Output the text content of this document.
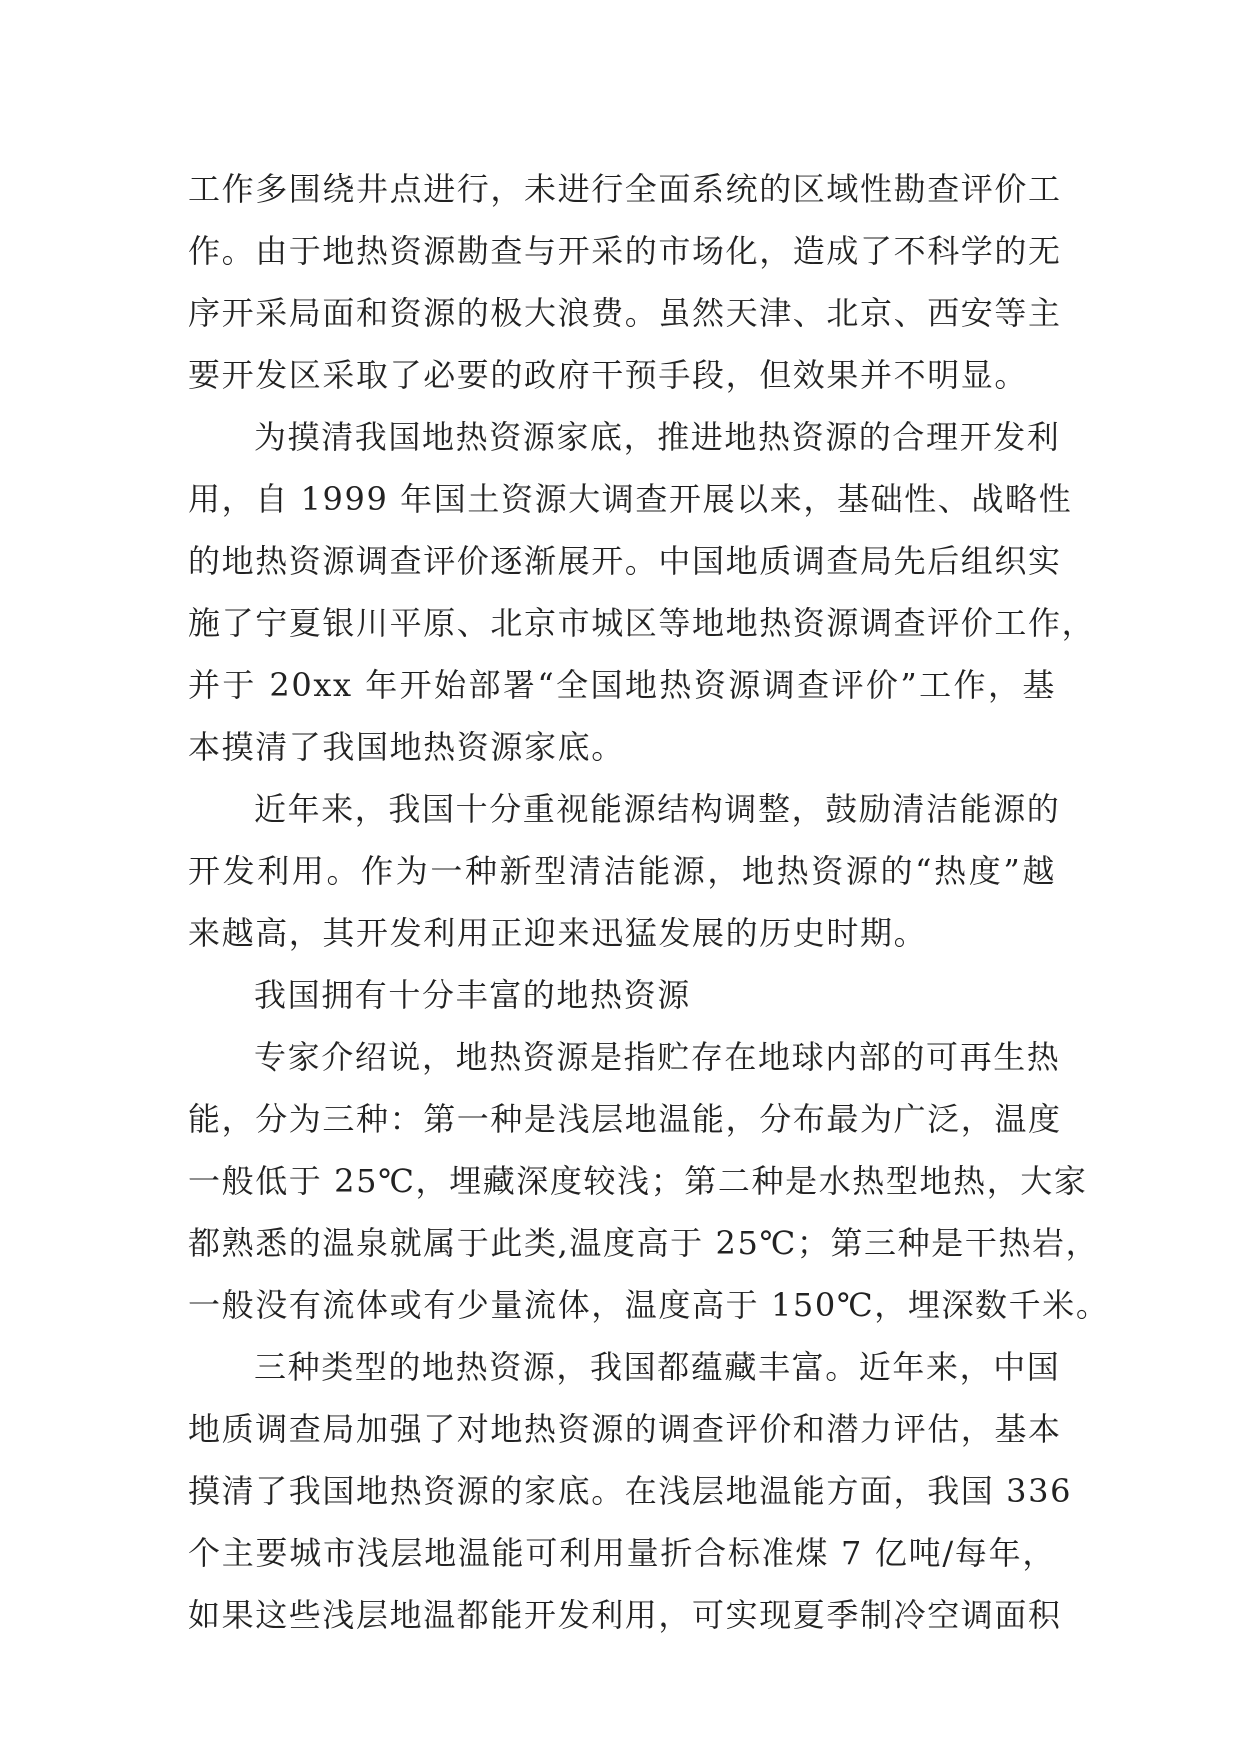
工作多围绕井点进行，未进行全面系统的区域性勘查评价工
作。由于地热资源勘查与开采的市场化，造成了不科学的无
序开采局面和资源的极大浪费。虽然天津、北京、西安等主
要开发区采取了必要的政府干预手段，但效果并不明显。
为摸清我国地热资源家底，推进地热资源的合理开发利
用，自 1999 年国土资源大调查开展以来，基础性、战略性
的地热资源调查评价逐渐展开。中国地质调查局先后组织实
施了宁夏银川平原、北京市城区等地地热资源调查评价工作，
并于 20xx 年开始部署“全国地热资源调查评价”工作，基
本摸清了我国地热资源家底。
近年来，我国十分重视能源结构调整，鼓励清洁能源的
开发利用。作为一种新型清洁能源，地热资源的“热度”越
来越高，其开发利用正迎来迅猛发展的历史时期。
我国拥有十分丰富的地热资源
专家介绍说，地热资源是指贮存在地球内部的可再生热
能，分为三种：第一种是浅层地温能，分布最为广泛，温度
一般低于 25℃，埋藏深度较浅；第二种是水热型地热，大家
都熟悉的温泉就属于此类,温度高于 25℃；第三种是干热岩，
一般没有流体或有少量流体，温度高于 150℃，埋深数千米。
三种类型的地热资源，我国都蕴藏丰富。近年来，中国
地质调查局加强了对地热资源的调查评价和潜力评估，基本
摸清了我国地热资源的家底。在浅层地温能方面，我国 336
个主要城市浅层地温能可利用量折合标准煤 7 亿吨/每年，
如果这些浅层地温都能开发利用，可实现夏季制冷空调面积
